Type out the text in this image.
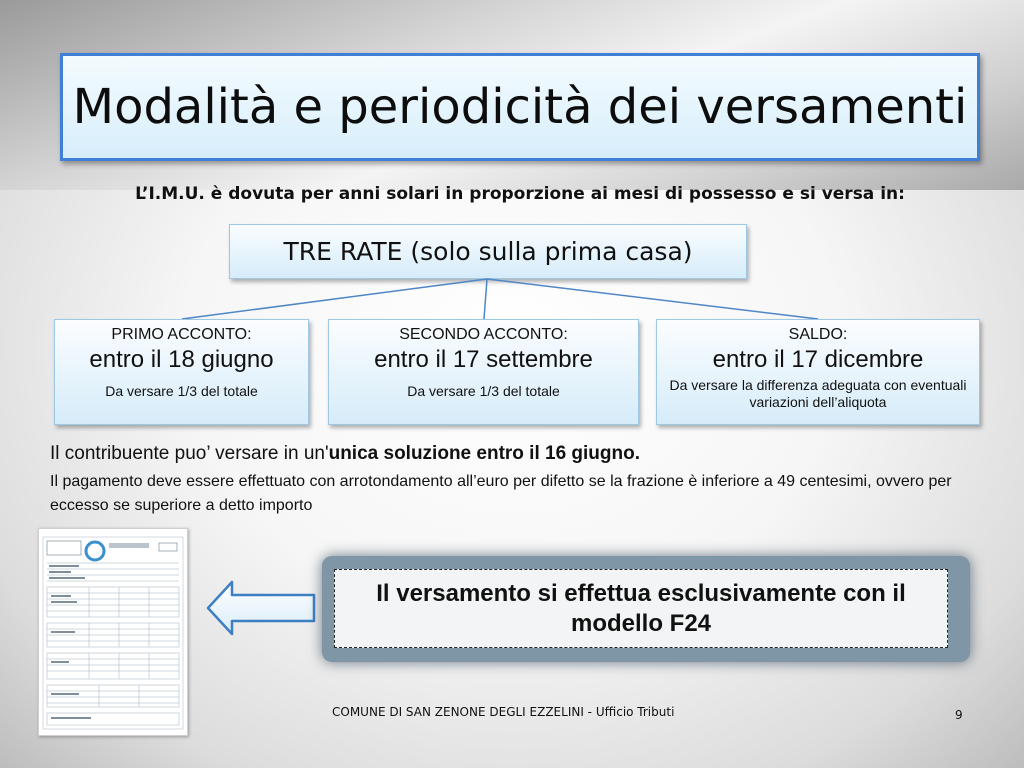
Modalità e periodicità dei versamenti
L’I.M.U. è dovuta per anni solari in proporzione ai mesi di possesso e si versa in:
TRE RATE (solo sulla prima casa)
PRIMO ACCONTO:
entro il 18 giugno
Da versare 1/3 del totale
SECONDO ACCONTO:
entro il 17 settembre
Da versare 1/3 del totale
SALDO:
entro il 17 dicembre
Da versare la differenza adeguata con eventuali variazioni dell’aliquota
Il contribuente puo’ versare in un'unica soluzione entro il 16 giugno.
Il pagamento deve essere effettuato con arrotondamento all’euro per difetto se la frazione è inferiore a 49 centesimi, ovvero per eccesso se superiore a detto importo
Il versamento si effettua esclusivamente con il modello F24
COMUNE DI SAN ZENONE DEGLI EZZELINI - Ufficio Tributi	9
